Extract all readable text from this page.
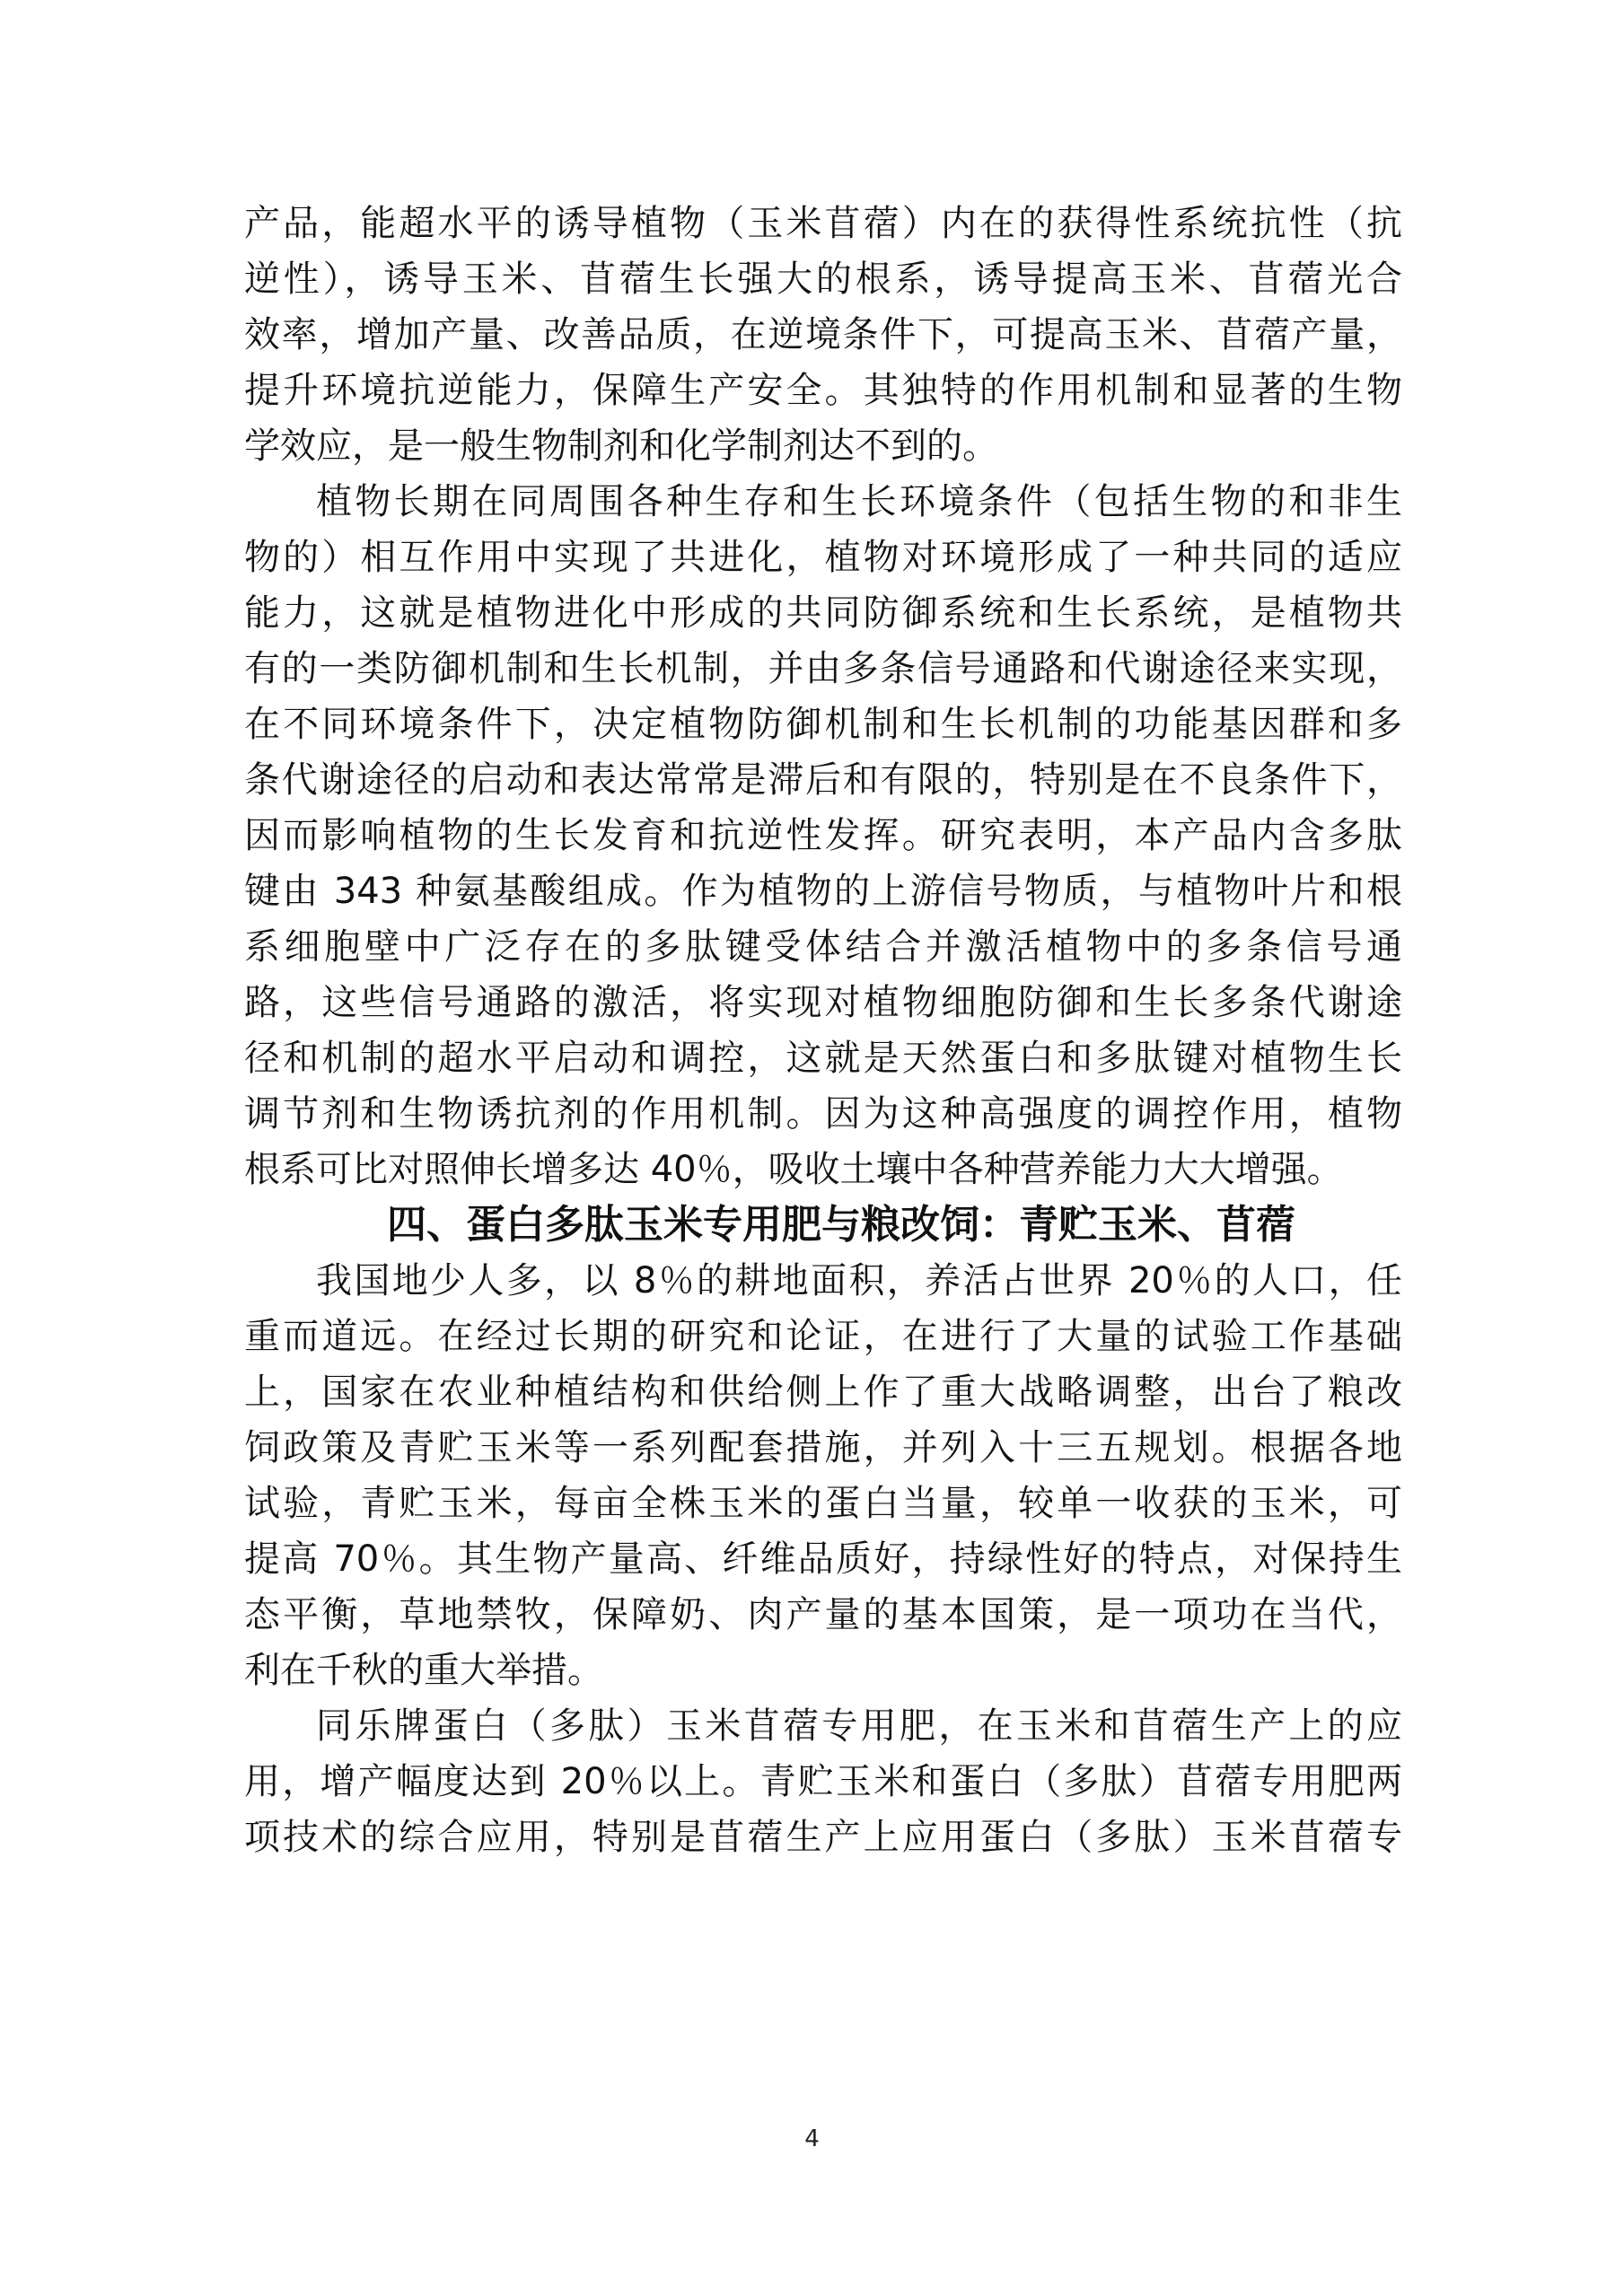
产品，能超水平的诱导植物（玉米苜蓿）内在的获得性系统抗性（抗
逆性），诱导玉米、苜蓿生长强大的根系，诱导提高玉米、苜蓿光合
效率，增加产量、改善品质，在逆境条件下，可提高玉米、苜蓿产量，
提升环境抗逆能力，保障生产安全。其独特的作用机制和显著的生物
学效应，是一般生物制剂和化学制剂达不到的。
植物长期在同周围各种生存和生长环境条件（包括生物的和非生
物的）相互作用中实现了共进化，植物对环境形成了一种共同的适应
能力，这就是植物进化中形成的共同防御系统和生长系统，是植物共
有的一类防御机制和生长机制，并由多条信号通路和代谢途径来实现，
在不同环境条件下，决定植物防御机制和生长机制的功能基因群和多
条代谢途径的启动和表达常常是滞后和有限的，特别是在不良条件下，
因而影响植物的生长发育和抗逆性发挥。研究表明，本产品内含多肽
键由 343 种氨基酸组成。作为植物的上游信号物质，与植物叶片和根
系细胞壁中广泛存在的多肽键受体结合并激活植物中的多条信号通
路，这些信号通路的激活，将实现对植物细胞防御和生长多条代谢途
径和机制的超水平启动和调控，这就是天然蛋白和多肽键对植物生长
调节剂和生物诱抗剂的作用机制。因为这种高强度的调控作用，植物
根系可比对照伸长增多达 40％，吸收土壤中各种营养能力大大增强。
四、蛋白多肽玉米专用肥与粮改饲：青贮玉米、苜蓿
我国地少人多，以 8％的耕地面积，养活占世界 20％的人口，任
重而道远。在经过长期的研究和论证，在进行了大量的试验工作基础
上，国家在农业种植结构和供给侧上作了重大战略调整，出台了粮改
饲政策及青贮玉米等一系列配套措施，并列入十三五规划。根据各地
试验，青贮玉米，每亩全株玉米的蛋白当量，较单一收获的玉米，可
提高 70％。其生物产量高、纤维品质好，持绿性好的特点，对保持生
态平衡，草地禁牧，保障奶、肉产量的基本国策，是一项功在当代，
利在千秋的重大举措。
同乐牌蛋白（多肽）玉米苜蓿专用肥，在玉米和苜蓿生产上的应
用，增产幅度达到 20％以上。青贮玉米和蛋白（多肽）苜蓿专用肥两
项技术的综合应用，特别是苜蓿生产上应用蛋白（多肽）玉米苜蓿专
4
